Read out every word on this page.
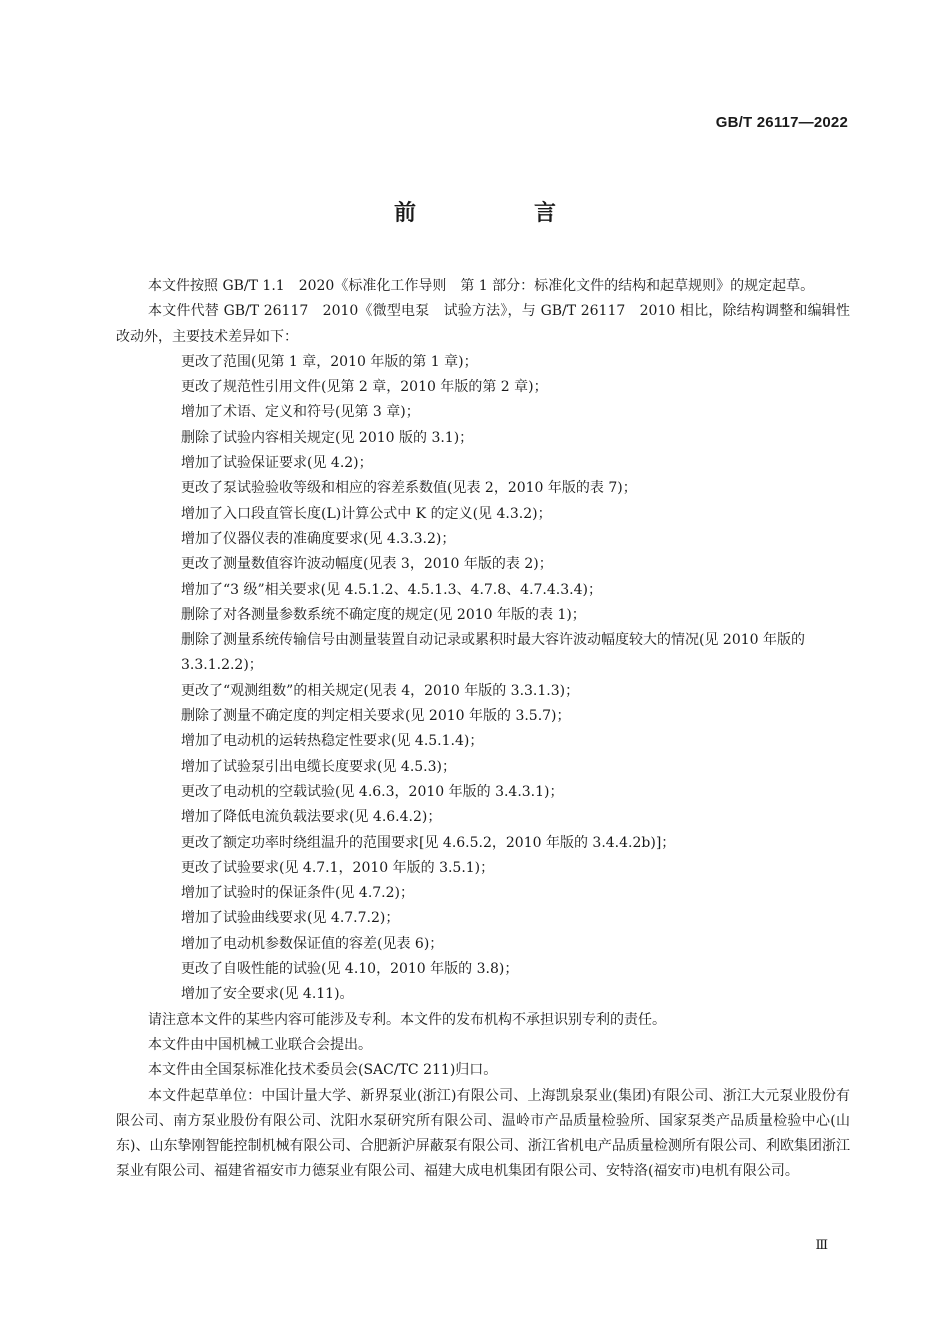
GB/T 26117—2022
前　言

本文件按照 GB/T 1.1　2020《标准化工作导则　第 1 部分：标准化文件的结构和起草规则》的规定起草。

本文件代替 GB/T 26117　2010《微型电泵　试验方法》，与 GB/T 26117　2010 相比，除结构调整和编辑性改动外，主要技术差异如下：

更改了范围(见第 1 章，2010 年版的第 1 章)；

更改了规范性引用文件(见第 2 章，2010 年版的第 2 章)；

增加了术语、定义和符号(见第 3 章)；

删除了试验内容相关规定(见 2010 版的 3.1)；

增加了试验保证要求(见 4.2)；

更改了泵试验验收等级和相应的容差系数值(见表 2，2010 年版的表 7)；

增加了入口段直管长度(L)计算公式中 K 的定义(见 4.3.2)；

增加了仪器仪表的准确度要求(见 4.3.3.2)；

更改了测量数值容许波动幅度(见表 3，2010 年版的表 2)；

增加了“3 级”相关要求(见 4.5.1.2、4.5.1.3、4.7.8、4.7.4.3.4)；

删除了对各测量参数系统不确定度的规定(见 2010 年版的表 1)；

删除了测量系统传输信号由测量装置自动记录或累积时最大容许波动幅度较大的情况(见 2010 年版的 3.3.1.2.2)；

更改了“观测组数”的相关规定(见表 4，2010 年版的 3.3.1.3)；

删除了测量不确定度的判定相关要求(见 2010 年版的 3.5.7)；

增加了电动机的运转热稳定性要求(见 4.5.1.4)；

增加了试验泵引出电缆长度要求(见 4.5.3)；

更改了电动机的空载试验(见 4.6.3，2010 年版的 3.4.3.1)；

增加了降低电流负载法要求(见 4.6.4.2)；

更改了额定功率时绕组温升的范围要求[见 4.6.5.2，2010 年版的 3.4.4.2b)]；

更改了试验要求(见 4.7.1，2010 年版的 3.5.1)；

增加了试验时的保证条件(见 4.7.2)；

增加了试验曲线要求(见 4.7.7.2)；

增加了电动机参数保证值的容差(见表 6)；

更改了自吸性能的试验(见 4.10，2010 年版的 3.8)；

增加了安全要求(见 4.11)。

请注意本文件的某些内容可能涉及专利。本文件的发布机构不承担识别专利的责任。

本文件由中国机械工业联合会提出。

本文件由全国泵标准化技术委员会(SAC/TC 211)归口。

本文件起草单位：中国计量大学、新界泵业(浙江)有限公司、上海凯泉泵业(集团)有限公司、浙江大元泵业股份有限公司、南方泵业股份有限公司、沈阳水泵研究所有限公司、温岭市产品质量检验所、国家泵类产品质量检验中心(山东)、山东挚刚智能控制机械有限公司、合肥新沪屏蔽泵有限公司、浙江省机电产品质量检测所有限公司、利欧集团浙江泵业有限公司、福建省福安市力德泵业有限公司、福建大成电机集团有限公司、安特洛(福安市)电机有限公司。

Ⅲ
